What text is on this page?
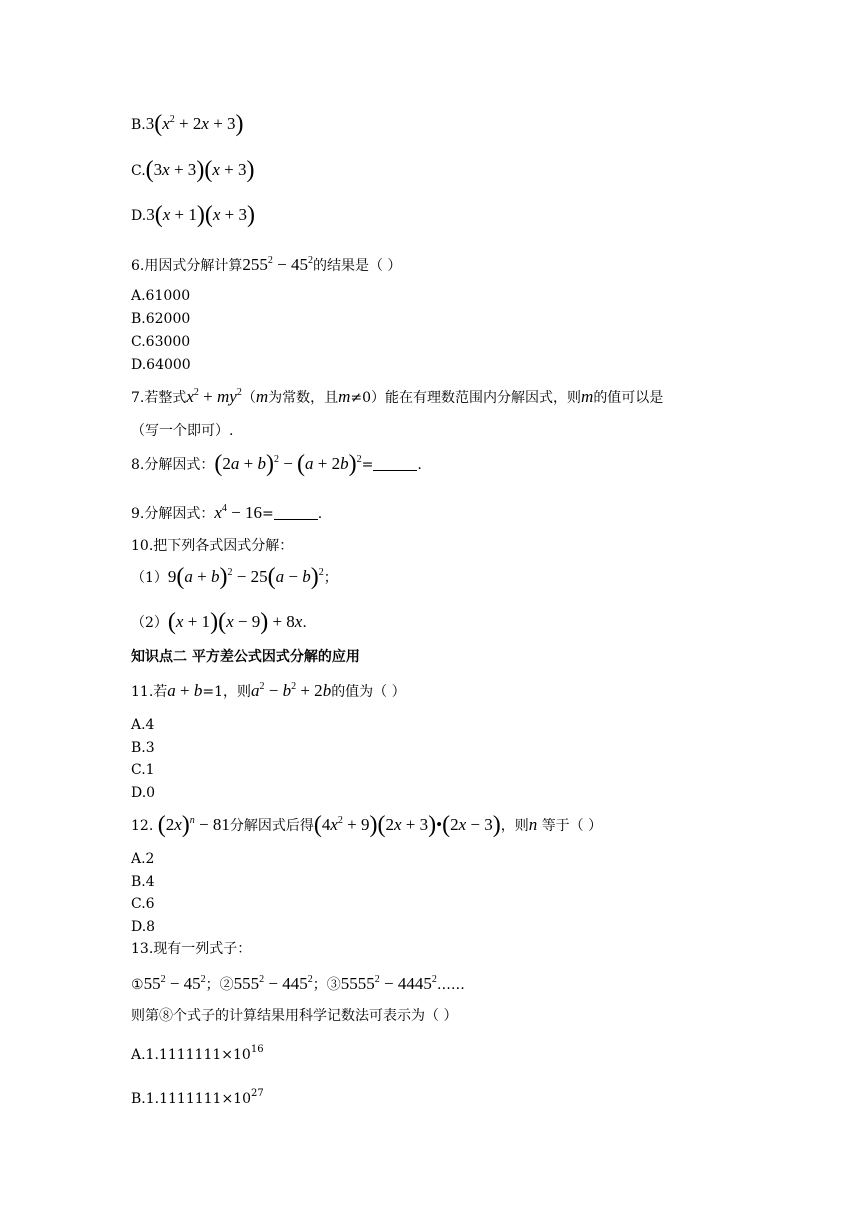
$B.3(x^2 + 2x + 3)$
C.(3x + 3)(x + 3)
D.3(x + 1)(x + 3)
6.用因式分解计算$255^2 - 45^2$的结果是（ ）
A.61000
B.62000
C.63000
D.64000
7.若整式$x^2 + my^2(m$为常数，且m≠0）能在有理数范围内分解因式，则m的值可以是
（写一个即可）.
8.分解因式：$(2a + b)^2 - (a + 2b)^2=$	.
9.分解因式：$x^4 - 16=$	.
10.把下列各式因式分解：
$(1)9(a + b)^2 - 25(a - b)^2$；
（2）(x + 1)(x − 9) + 8x.
知识点二 平方差公式因式分解的应用
11.若a + b=1，则$a^2 - b^2 + 2b$的值为（ ）
A.4
B.3
C.1
D.0
12. $(2x)^n - 81$分解因式后得$(4x^2 + 9)(2x$ + 3)•(2x − 3)，则n 等于（ ）
A.2
B.4
C.6
D.8
13.现有一列式子：
$①55^2 - 45^2$；$②555^2 - 445^2$；$③5555^2$ − $4445^2\dots\dots$
则第⑧个式子的计算结果用科学记数法可表示为（ ）
$A.1.1111111\times 10^{16}$
$B.1.1111111\times 10^{27}$
